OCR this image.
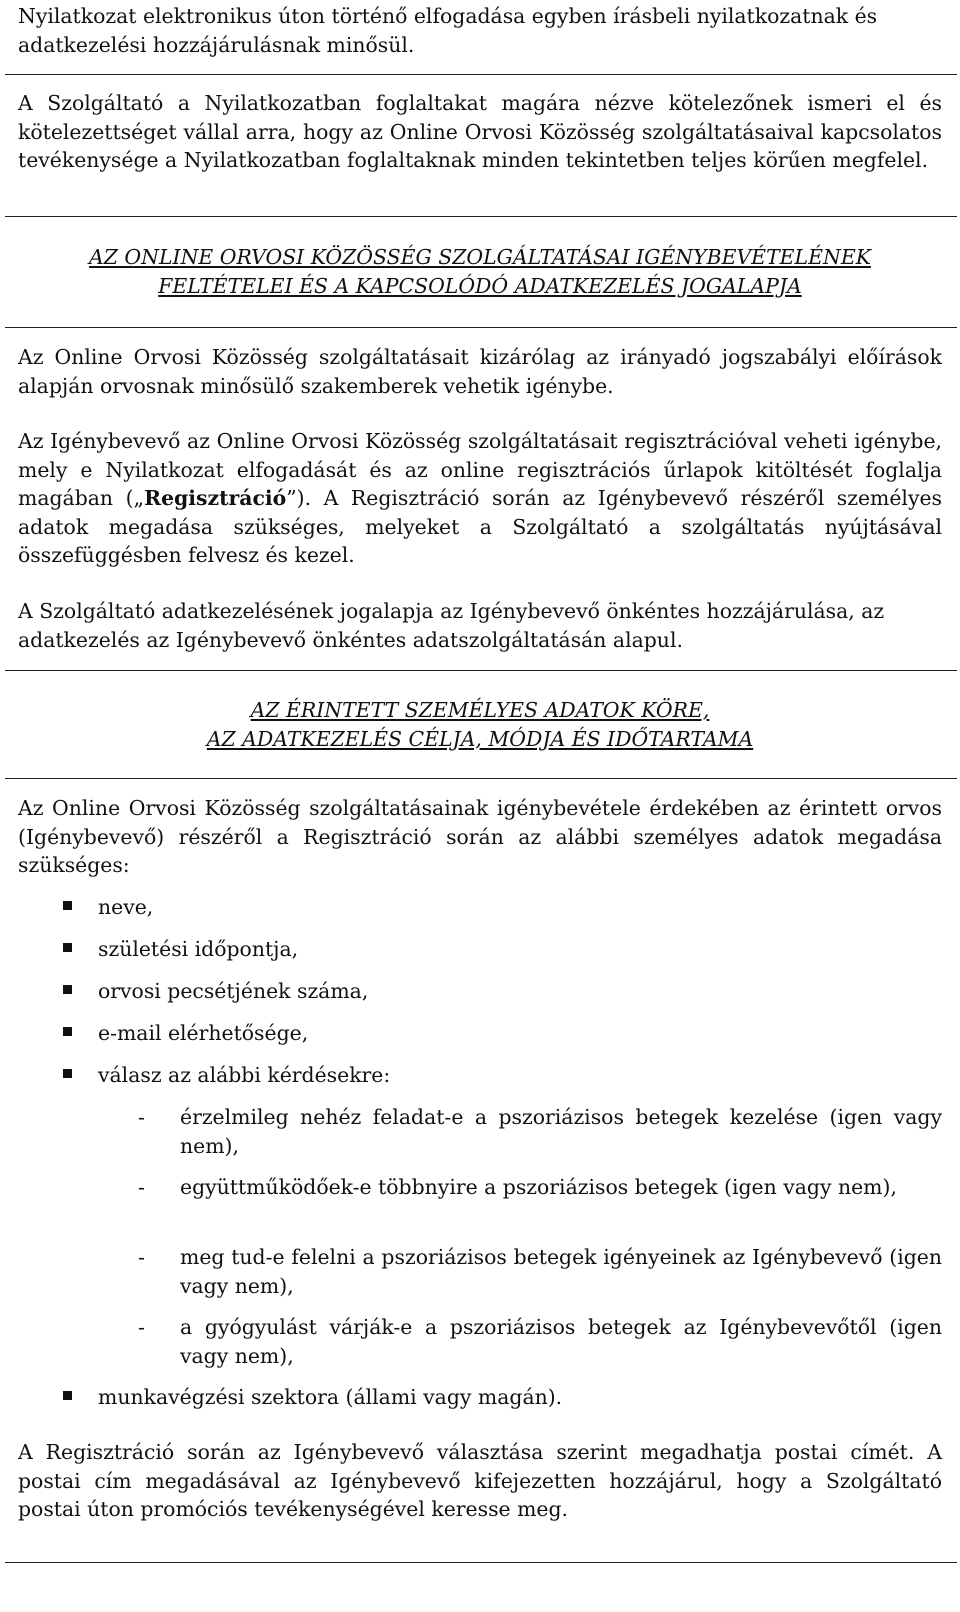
Nyilatkozat elektronikus úton történő elfogadása egyben írásbeli nyilatkozatnak és adatkezelési hozzájárulásnak minősül.

A Szolgáltató a Nyilatkozatban foglaltakat magára nézve kötelezőnek ismeri el és kötelezettséget vállal arra, hogy az Online Orvosi Közösség szolgáltatásaival kapcsolatos tevékenysége a Nyilatkozatban foglaltaknak minden tekintetben teljes körűen megfelel.

AZ ONLINE ORVOSI KÖZÖSSÉG SZOLGÁLTATÁSAI IGÉNYBEVÉTELÉNEK
FELTÉTELEI ÉS A KAPCSOLÓDÓ ADATKEZELÉS JOGALAPJA

Az Online Orvosi Közösség szolgáltatásait kizárólag az irányadó jogszabályi előírások alapján orvosnak minősülő szakemberek vehetik igénybe.

Az Igénybevevő az Online Orvosi Közösség szolgáltatásait regisztrációval veheti igénybe, mely e Nyilatkozat elfogadását és az online regisztrációs űrlapok kitöltését foglalja magában („Regisztráció”). A Regisztráció során az Igénybevevő részéről személyes adatok megadása szükséges, melyeket a Szolgáltató a szolgáltatás nyújtásával összefüggésben felvesz és kezel.

A Szolgáltató adatkezelésének jogalapja az Igénybevevő önkéntes hozzájárulása, az adatkezelés az Igénybevevő önkéntes adatszolgáltatásán alapul.

AZ ÉRINTETT SZEMÉLYES ADATOK KÖRE,
AZ ADATKEZELÉS CÉLJA, MÓDJA ÉS IDŐTARTAMA

Az Online Orvosi Közösség szolgáltatásainak igénybevétele érdekében az érintett orvos (Igénybevevő) részéről a Regisztráció során az alábbi személyes adatok megadása szükséges:

neve,
születési időpontja,
orvosi pecsétjének száma,
e-mail elérhetősége,
válasz az alábbi kérdésekre:
- érzelmileg nehéz feladat-e a pszoriázisos betegek kezelése (igen vagy nem),
- együttműködőek-e többnyire a pszoriázisos betegek (igen vagy nem),
- meg tud-e felelni a pszoriázisos betegek igényeinek az Igénybevevő (igen vagy nem),
- a gyógyulást várják-e a pszoriázisos betegek az Igénybevevőtől (igen vagy nem),
munkavégzési szektora (állami vagy magán).

A Regisztráció során az Igénybevevő választása szerint megadhatja postai címét. A postai cím megadásával az Igénybevevő kifejezetten hozzájárul, hogy a Szolgáltató postai úton promóciós tevékenységével keresse meg.
